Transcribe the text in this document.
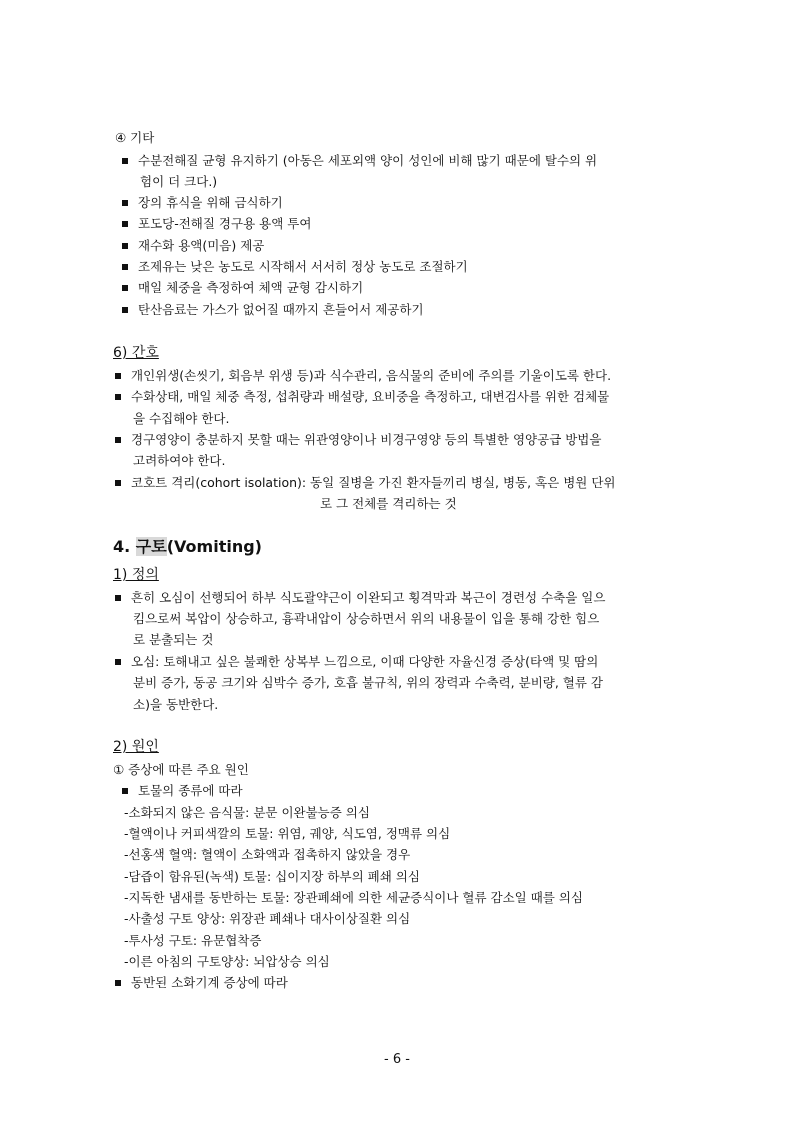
④ 기타
수분전해질 균형 유지하기 (아동은 세포외액 양이 성인에 비해 많기 때문에 탈수의 위
험이 더 크다.)
장의 휴식을 위해 금식하기
포도당-전해질 경구용 용액 투여
재수화 용액(미음) 제공
조제유는 낮은 농도로 시작해서 서서히 정상 농도로 조절하기
매일 체중을 측정하여 체액 균형 감시하기
탄산음료는 가스가 없어질 때까지 흔들어서 제공하기
6) 간호
개인위생(손씻기, 회음부 위생 등)과 식수관리, 음식물의 준비에 주의를 기울이도록 한다.
수화상태, 매일 체중 측정, 섭취량과 배설량, 요비중을 측정하고, 대변검사를 위한 검체물
을 수집해야 한다.
경구영양이 충분하지 못할 때는 위관영양이나 비경구영양 등의 특별한 영양공급 방법을
고려하여야 한다.
코호트 격리(cohort isolation): 동일 질병을 가진 환자들끼리 병실, 병동, 혹은 병원 단위
로 그 전체를 격리하는 것
4. 구토(Vomiting)
1) 정의
흔히 오심이 선행되어 하부 식도괄약근이 이완되고 횡격막과 복근이 경련성 수축을 일으
킴으로써 복압이 상승하고, 흉곽내압이 상승하면서 위의 내용물이 입을 통해 강한 힘으
로 분출되는 것
오심: 토해내고 싶은 불쾌한 상복부 느낌으로, 이때 다양한 자율신경 증상(타액 및 땀의
분비 증가, 동공 크기와 심박수 증가, 호흡 불규칙, 위의 장력과 수축력, 분비량, 혈류 감
소)을 동반한다.
2) 원인
① 증상에 따른 주요 원인
토물의 종류에 따라
-소화되지 않은 음식물: 분문 이완불능증 의심
-혈액이나 커피색깔의 토물: 위염, 궤양, 식도염, 정맥류 의심
-선홍색 혈액: 혈액이 소화액과 접촉하지 않았을 경우
-담즙이 함유된(녹색) 토물: 십이지장 하부의 폐쇄 의심
-지독한 냄새를 동반하는 토물: 장관폐쇄에 의한 세균증식이나 혈류 감소일 때를 의심
-사출성 구토 양상: 위장관 폐쇄나 대사이상질환 의심
-투사성 구토: 유문협착증
-이른 아침의 구토양상: 뇌압상승 의심
동반된 소화기계 증상에 따라
- 6 -
